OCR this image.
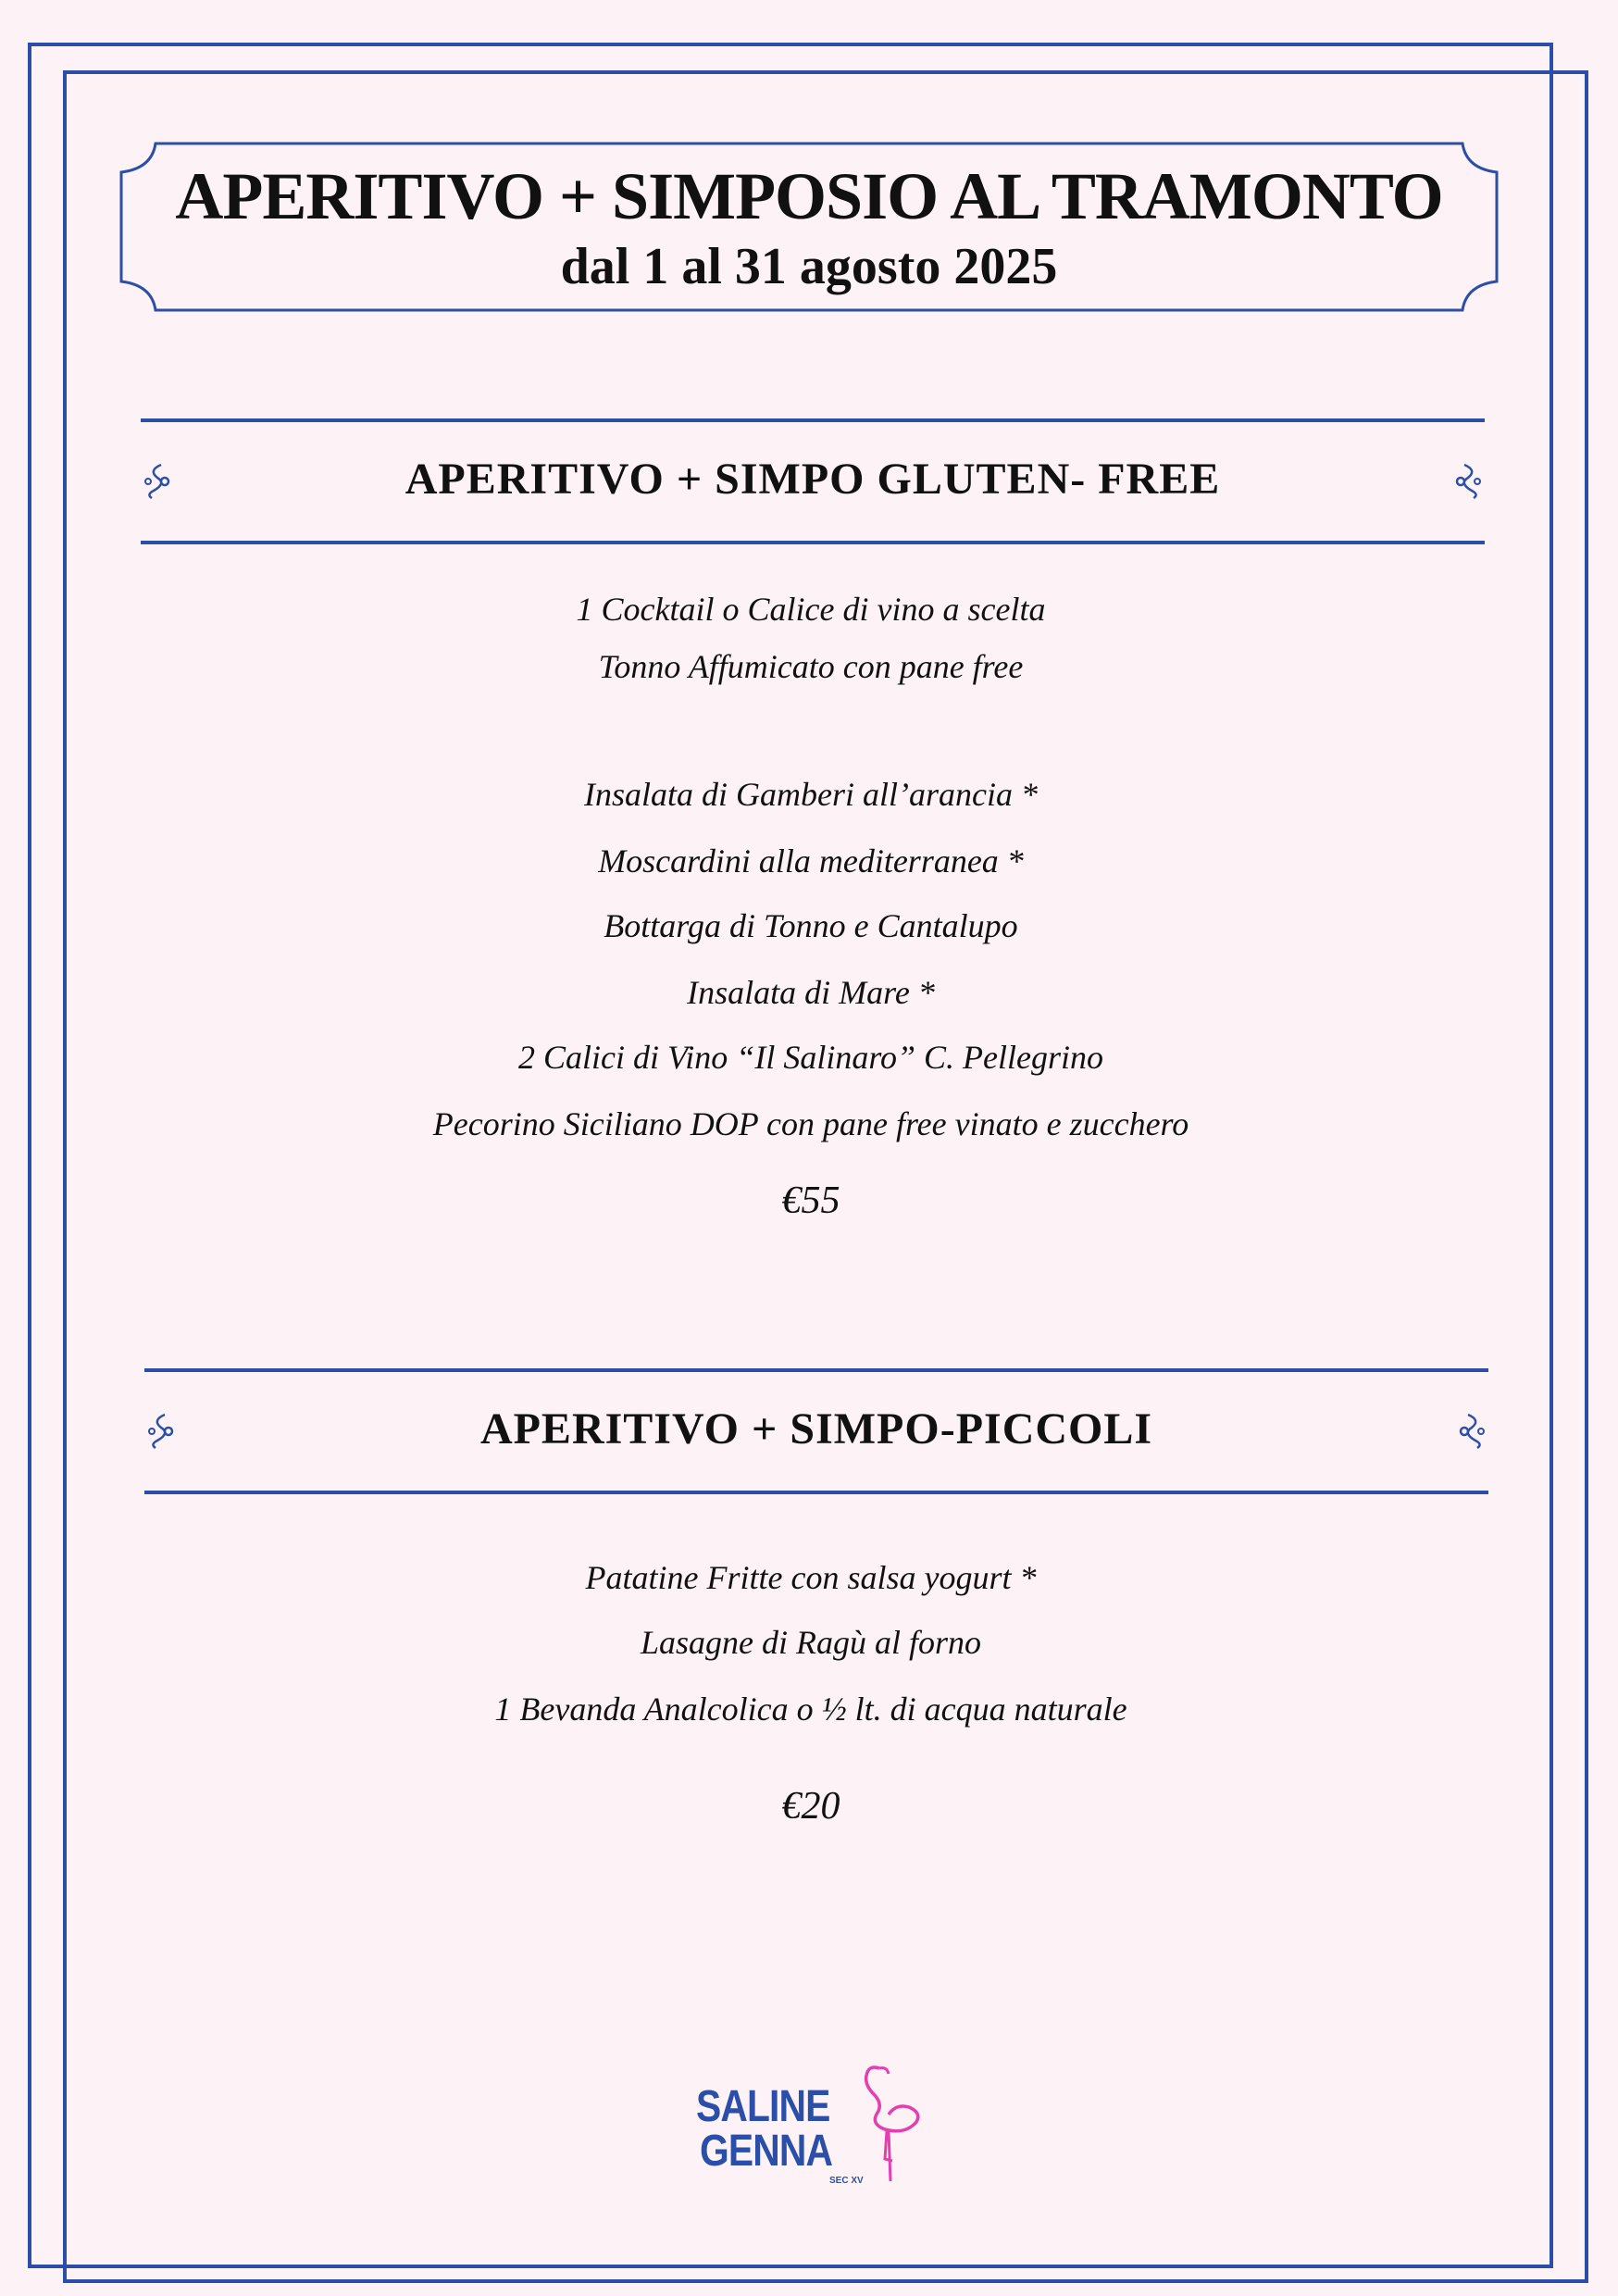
APERITIVO + SIMPOSIO AL TRAMONTO
dal 1 al 31 agosto 2025
APERITIVO + SIMPO GLUTEN- FREE
1 Cocktail o Calice di vino a scelta
Tonno Affumicato con pane free
Insalata di Gamberi all’arancia *
Moscardini alla mediterranea *
Bottarga di Tonno e Cantalupo
Insalata di Mare *
2 Calici di Vino “Il Salinaro” C. Pellegrino
Pecorino Siciliano DOP con pane free vinato e zucchero
€55
APERITIVO + SIMPO-PICCOLI
Patatine Fritte con salsa yogurt *
Lasagne di Ragù al forno
1 Bevanda Analcolica o ½ lt. di acqua naturale
€20
SALINE
GENNA
SEC XV
